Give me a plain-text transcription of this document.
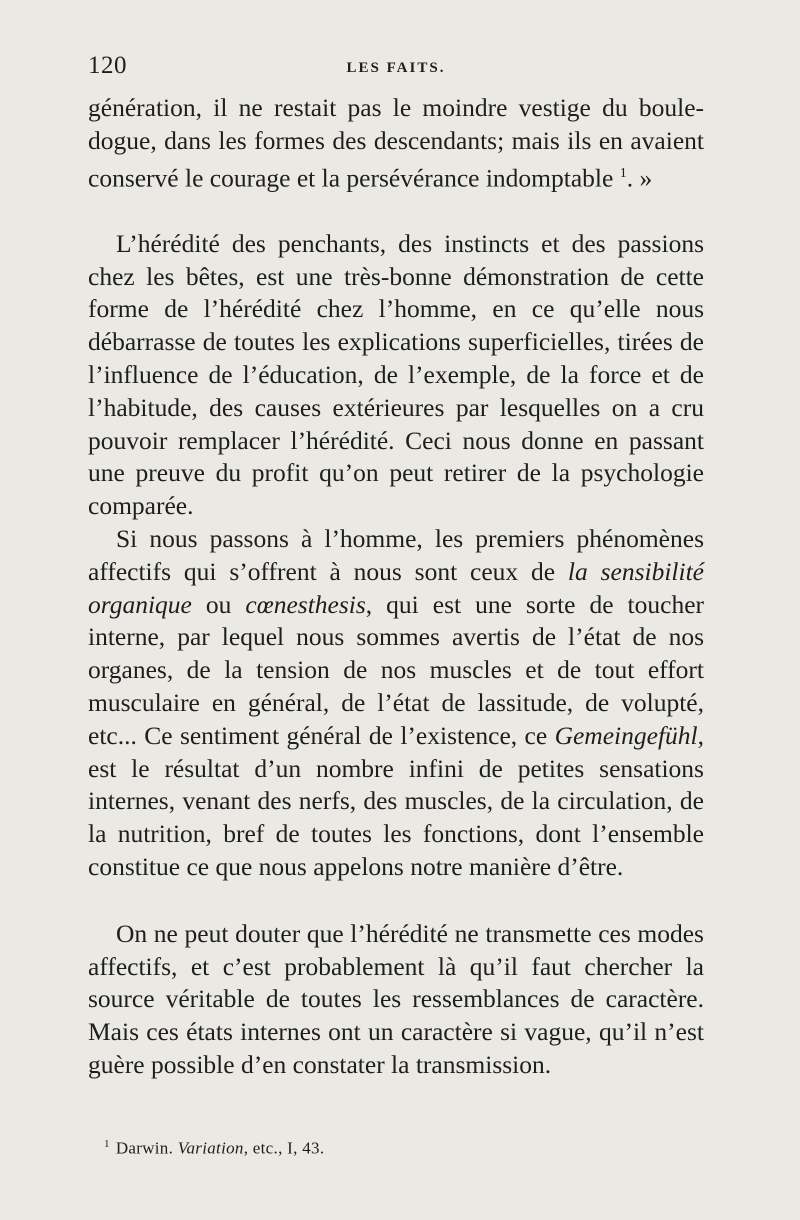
120	LES FAITS.

génération, il ne restait pas le moindre vestige du boule-dogue, dans les formes des descendants; mais ils en avaient conservé le courage et la persévérance indomptable $^1$. »

L’hérédité des penchants, des instincts et des passions chez les bêtes, est une très-bonne démonstration de cette forme de l’hérédité chez l’homme, en ce qu’elle nous débarrasse de toutes les explications superficielles, tirées de l’influence de l’éducation, de l’exemple, de la force et de l’habitude, des causes extérieures par lesquelles on a cru pouvoir remplacer l’hérédité. Ceci nous donne en passant une preuve du profit qu’on peut retirer de la psychologie comparée.

Si nous passons à l’homme, les premiers phénomènes affectifs qui s’offrent à nous sont ceux de la sensibilité organique ou cœnesthesis, qui est une sorte de toucher interne, par lequel nous sommes avertis de l’état de nos organes, de la tension de nos muscles et de tout effort musculaire en général, de l’état de lassitude, de volupté, etc... Ce sentiment général de l’existence, ce Gemeingefühl, est le résultat d’un nombre infini de petites sensations internes, venant des nerfs, des muscles, de la circulation, de la nutrition, bref de toutes les fonctions, dont l’ensemble constitue ce que nous appelons notre manière d’être.

On ne peut douter que l’hérédité ne transmette ces modes affectifs, et c’est probablement là qu’il faut chercher la source véritable de toutes les ressemblances de caractère. Mais ces états internes ont un caractère si vague, qu’il n’est guère possible d’en constater la transmission.

$^1$ Darwin. Variation, etc., I, 43.
